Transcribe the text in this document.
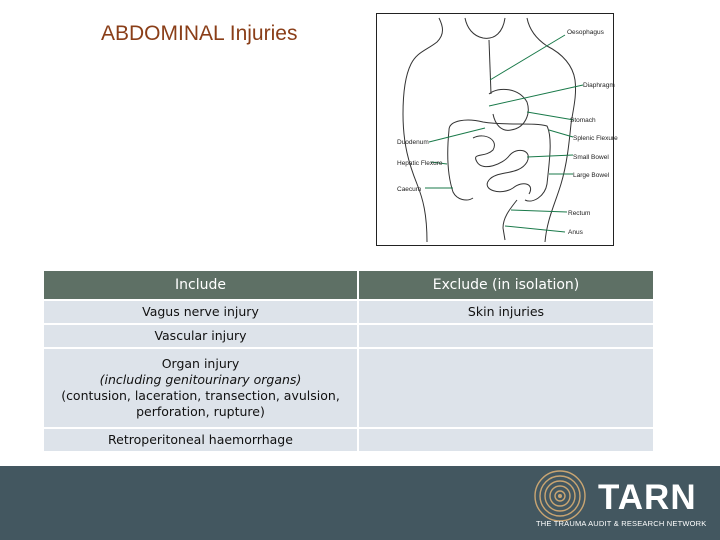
ABDOMINAL Injuries	Oesophagus
Diaphragm
Stomach
Splenic Flexure
Duodenum
Small Bowel
Hepatic Flexure
Large Bowel
Caecum
Rectum
Anus
Include	Exclude (in isolation)

Vagus nerve injury	Skin injuries

Vascular injury	

Organ injury
(including genitourinary organs)
(contusion, laceration, transection, avulsion,
perforation, rupture)	

Retroperitoneal haemorrhage	

TARN
THE TRAUMA AUDIT & RESEARCH NETWORK
